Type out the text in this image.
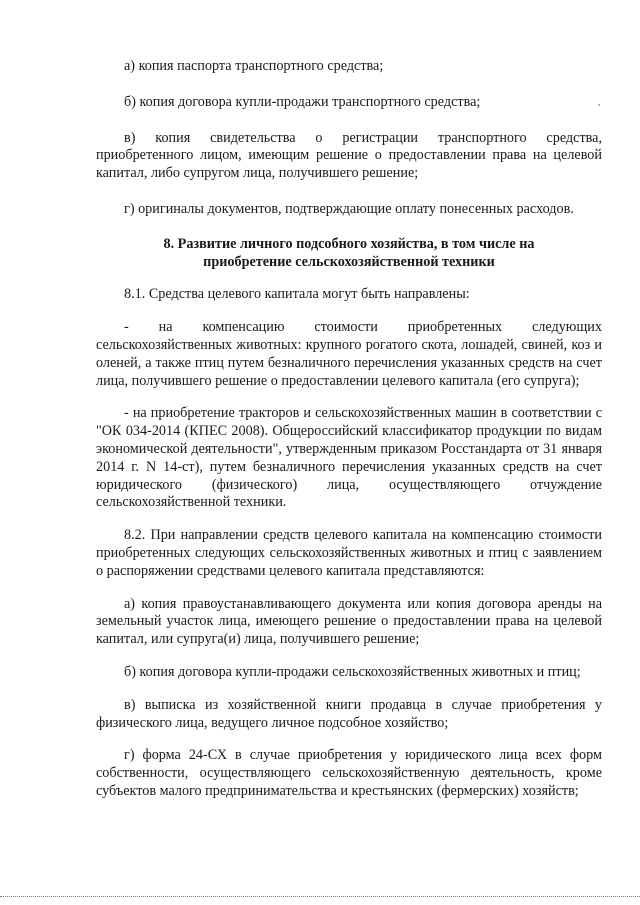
а) копия паспорта транспортного средства;

б) копия договора купли-продажи транспортного средства;

в) копия свидетельства о регистрации транспортного средства, приобретенного лицом, имеющим решение о предоставлении права на целевой капитал, либо супругом лица, получившего решение;

г) оригиналы документов, подтверждающие оплату понесенных расходов.

8. Развитие личного подсобного хозяйства, в том числе на приобретение сельскохозяйственной техники

8.1. Средства целевого капитала могут быть направлены:

- на компенсацию стоимости приобретенных следующих сельскохозяйственных животных: крупного рогатого скота, лошадей, свиней, коз и оленей, а также птиц путем безналичного перечисления указанных средств на счет лица, получившего решение о предоставлении целевого капитала (его супруга);

- на приобретение тракторов и сельскохозяйственных машин в соответствии с "ОК 034-2014 (КПЕС 2008). Общероссийский классификатор продукции по видам экономической деятельности", утвержденным приказом Росстандарта от 31 января 2014 г. N 14-ст), путем безналичного перечисления указанных средств на счет юридического (физического) лица, осуществляющего отчуждение сельскохозяйственной техники.

8.2. При направлении средств целевого капитала на компенсацию стоимости приобретенных следующих сельскохозяйственных животных и птиц с заявлением о распоряжении средствами целевого капитала представляются:

а) копия правоустанавливающего документа или копия договора аренды на земельный участок лица, имеющего решение о предоставлении права на целевой капитал, или супруга(и) лица, получившего решение;

б) копия договора купли-продажи сельскохозяйственных животных и птиц;

в) выписка из хозяйственной книги продавца в случае приобретения у физического лица, ведущего личное подсобное хозяйство;

г) форма 24-СХ в случае приобретения у юридического лица всех форм собственности, осуществляющего сельскохозяйственную деятельность, кроме субъектов малого предпринимательства и крестьянских (фермерских) хозяйств;
